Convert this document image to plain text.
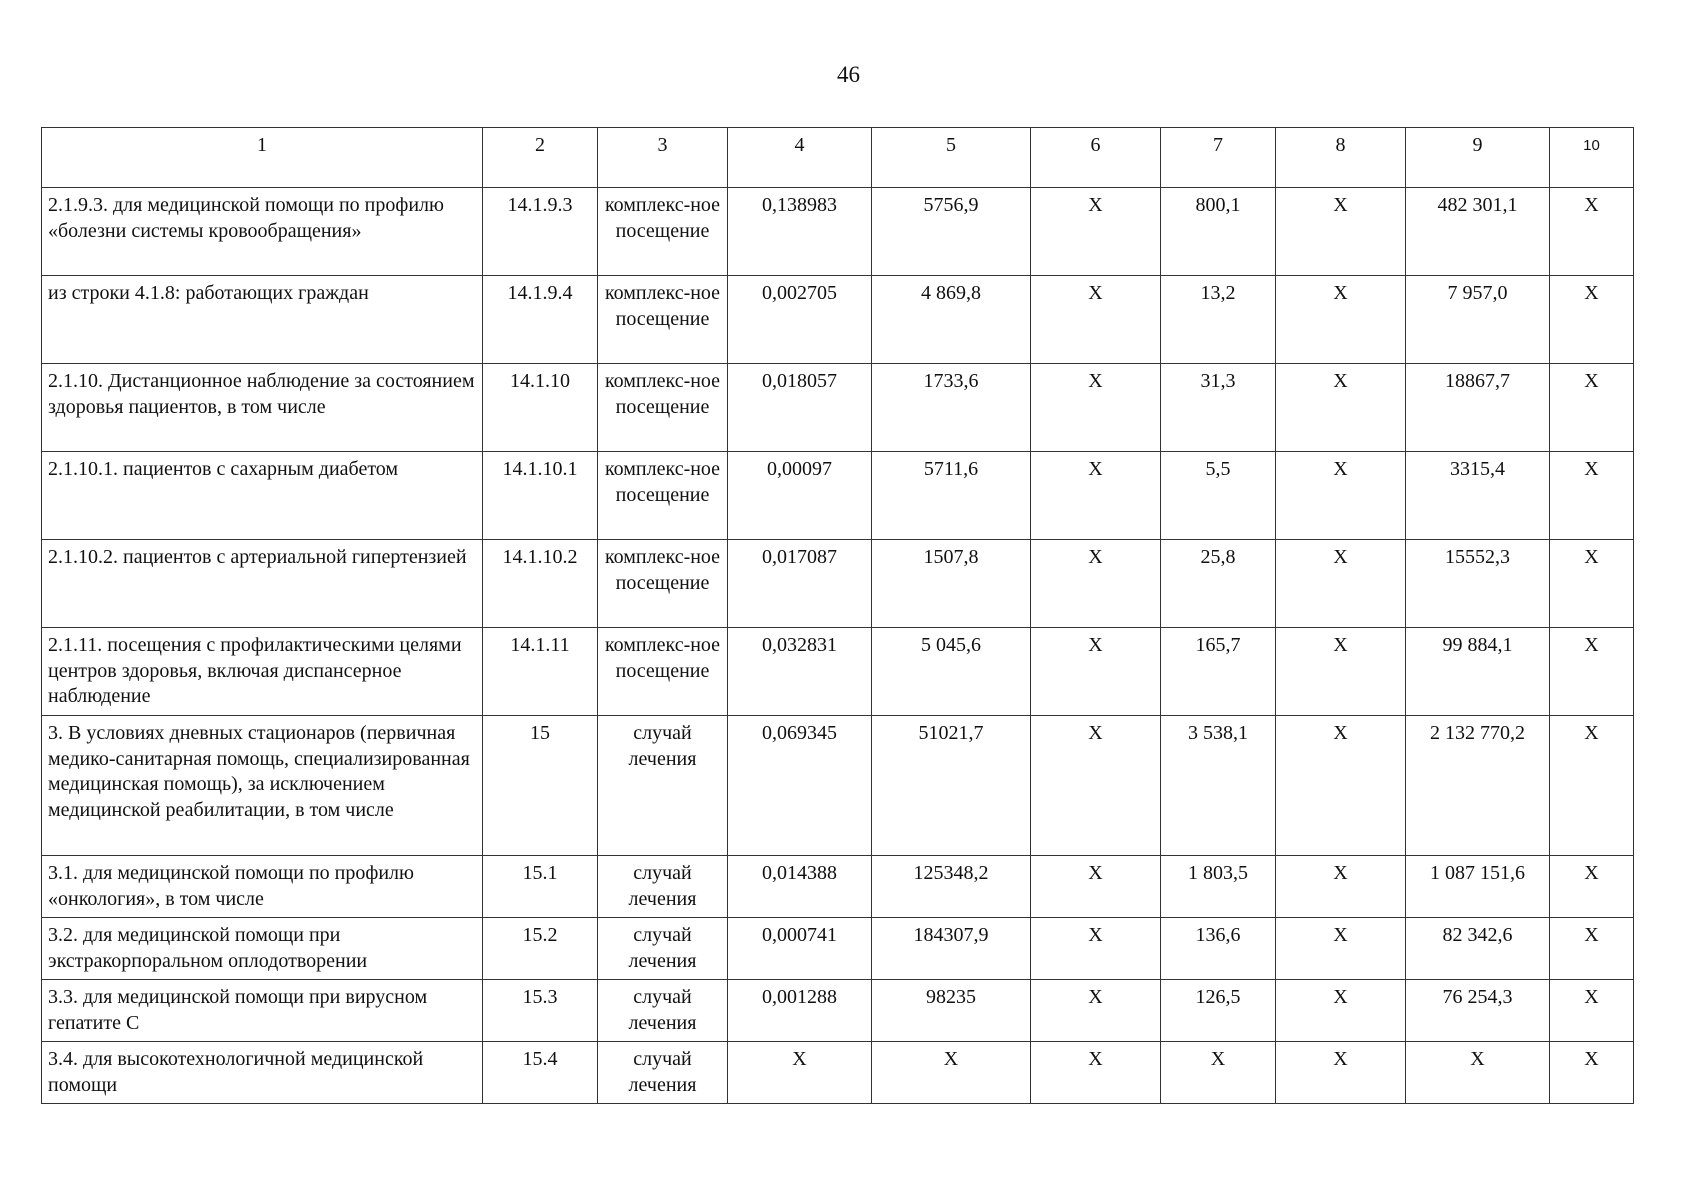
46
1	2	3	4	5	6	7	8	9	10
2.1.9.3. для медицинской помощи по профилю «болезни системы кровообращения»	14.1.9.3	комплекс-ное посещение	0,138983	5756,9	Х	800,1	Х	482 301,1	Х
из строки 4.1.8: работающих граждан	14.1.9.4	комплекс-ное посещение	0,002705	4 869,8	Х	13,2	Х	7 957,0	Х
2.1.10. Дистанционное наблюдение за состоянием здоровья пациентов, в том числе	14.1.10	комплекс-ное посещение	0,018057	1733,6	Х	31,3	Х	18867,7	Х
2.1.10.1. пациентов с сахарным диабетом	14.1.10.1	комплекс-ное посещение	0,00097	5711,6	Х	5,5	Х	3315,4	Х
2.1.10.2. пациентов с артериальной гипертензией	14.1.10.2	комплекс-ное посещение	0,017087	1507,8	Х	25,8	Х	15552,3	Х
2.1.11. посещения с профилактическими целями центров здоровья, включая диспансерное наблюдение	14.1.11	комплекс-ное посещение	0,032831	5 045,6	Х	165,7	Х	99 884,1	Х
3. В условиях дневных стационаров (первичная медико-санитарная помощь, специализированная медицинская помощь), за исключением медицинской реабилитации, в том числе	15	случай лечения	0,069345	51021,7	Х	3 538,1	Х	2 132 770,2	Х
3.1. для медицинской помощи по профилю «онкология», в том числе	15.1	случай лечения	0,014388	125348,2	Х	1 803,5	Х	1 087 151,6	Х
3.2. для медицинской помощи при экстракорпоральном оплодотворении	15.2	случай лечения	0,000741	184307,9	Х	136,6	Х	82 342,6	Х
3.3. для медицинской помощи при вирусном гепатите С	15.3	случай лечения	0,001288	98235	Х	126,5	Х	76 254,3	Х
3.4. для высокотехнологичной медицинской помощи	15.4	случай лечения	Х	Х	Х	Х	Х	Х	Х
